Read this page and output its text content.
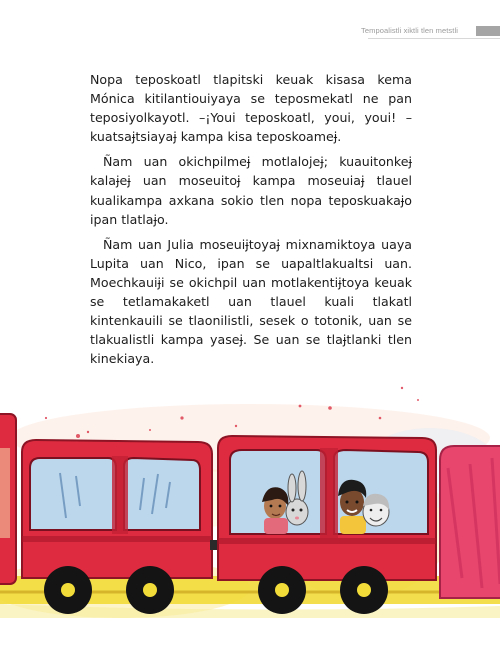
Tempoalistli xiktli tlen metstli

Nopa teposkoatl tlapitski keuak kisasa kema Mónica kitilantiouiyaya se teposmekatl ne pan teposiyolkayotl. –¡Youi teposkoatl, youi, youi! –kuatsaɉtsiayaɉ kampa kisa teposkoameɉ.

Ñam uan okichpilmeɉ motlalojeɉ; kuauitonkeɉ kalaɉeɉ uan moseuitoɉ kampa moseuiaɉ tlauel kualikampa axkana sokio tlen nopa teposkuakaɉo ipan tlatlaɉo.

Ñam uan Julia moseuiɉtoyaɉ mixnamiktoya uaya Lupita uan Nico, ipan se uapaltlakualtsi uan. Moechkauiɉi se okichpil uan motlakentiɉtoya keuak se tetlamakaketl uan tlauel kuali tlakatl kintenkauili se tlaonilistli, sesek o totonik, uan se tlakualistli kampa yaseɉ. Se uan se tlaɉtlanki tlen kinekiaya.
